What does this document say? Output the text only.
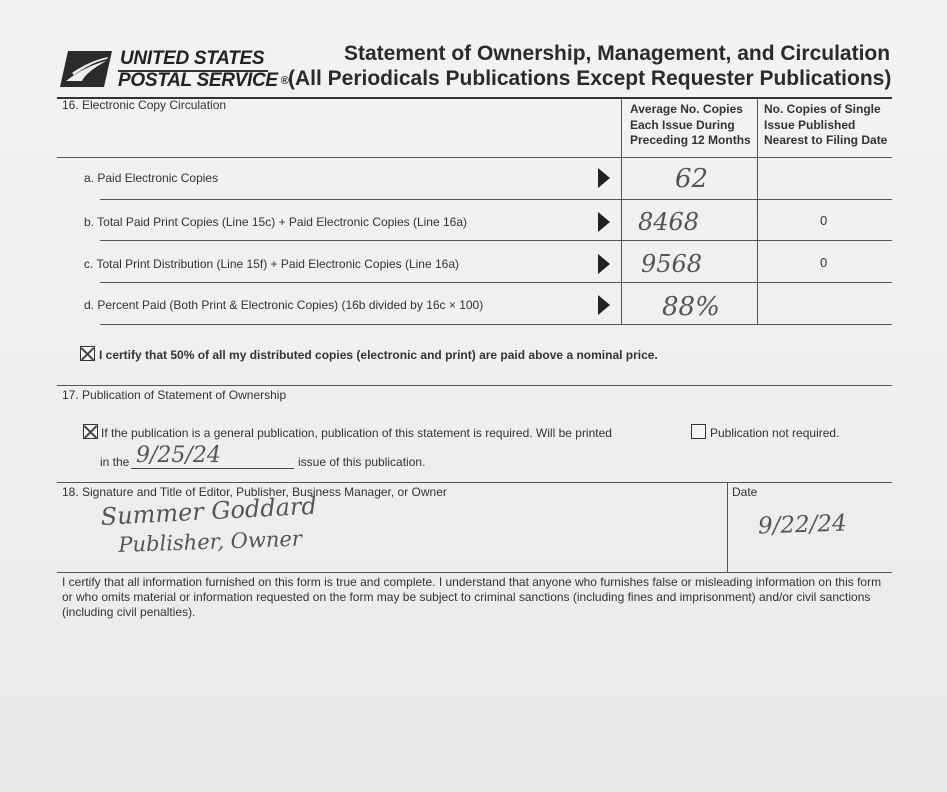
UNITED STATES
POSTAL SERVICE ®
Statement of Ownership, Management, and Circulation
(All Periodicals Publications Except Requester Publications)
16. Electronic Copy Circulation	Average No. Copies
Each Issue During
Preceding 12 Months
No. Copies of Single
Issue Published
Nearest to Filing Date
a. Paid Electronic Copies	62
b. Total Paid Print Copies (Line 15c) + Paid Electronic Copies (Line 16a)	8468	0
c. Total Print Distribution (Line 15f) + Paid Electronic Copies (Line 16a)	9568	0
d. Percent Paid (Both Print & Electronic Copies) (16b divided by 16c × 100)	88%
I certify that 50% of all my distributed copies (electronic and print) are paid above a nominal price.
17. Publication of Statement of Ownership
If the publication is a general publication, publication of this statement is required. Will be printed	Publication not required.
in the 9/25/24	issue of this publication.
18. Signature and Title of Editor, Publisher, Business Manager, or Owner	Date
Summer Goddard
Publisher, Owner
9/22/24
I certify that all information furnished on this form is true and complete. I understand that anyone who furnishes false or misleading information on this form
or who omits material or information requested on the form may be subject to criminal sanctions (including fines and imprisonment) and/or civil sanctions
(including civil penalties).
